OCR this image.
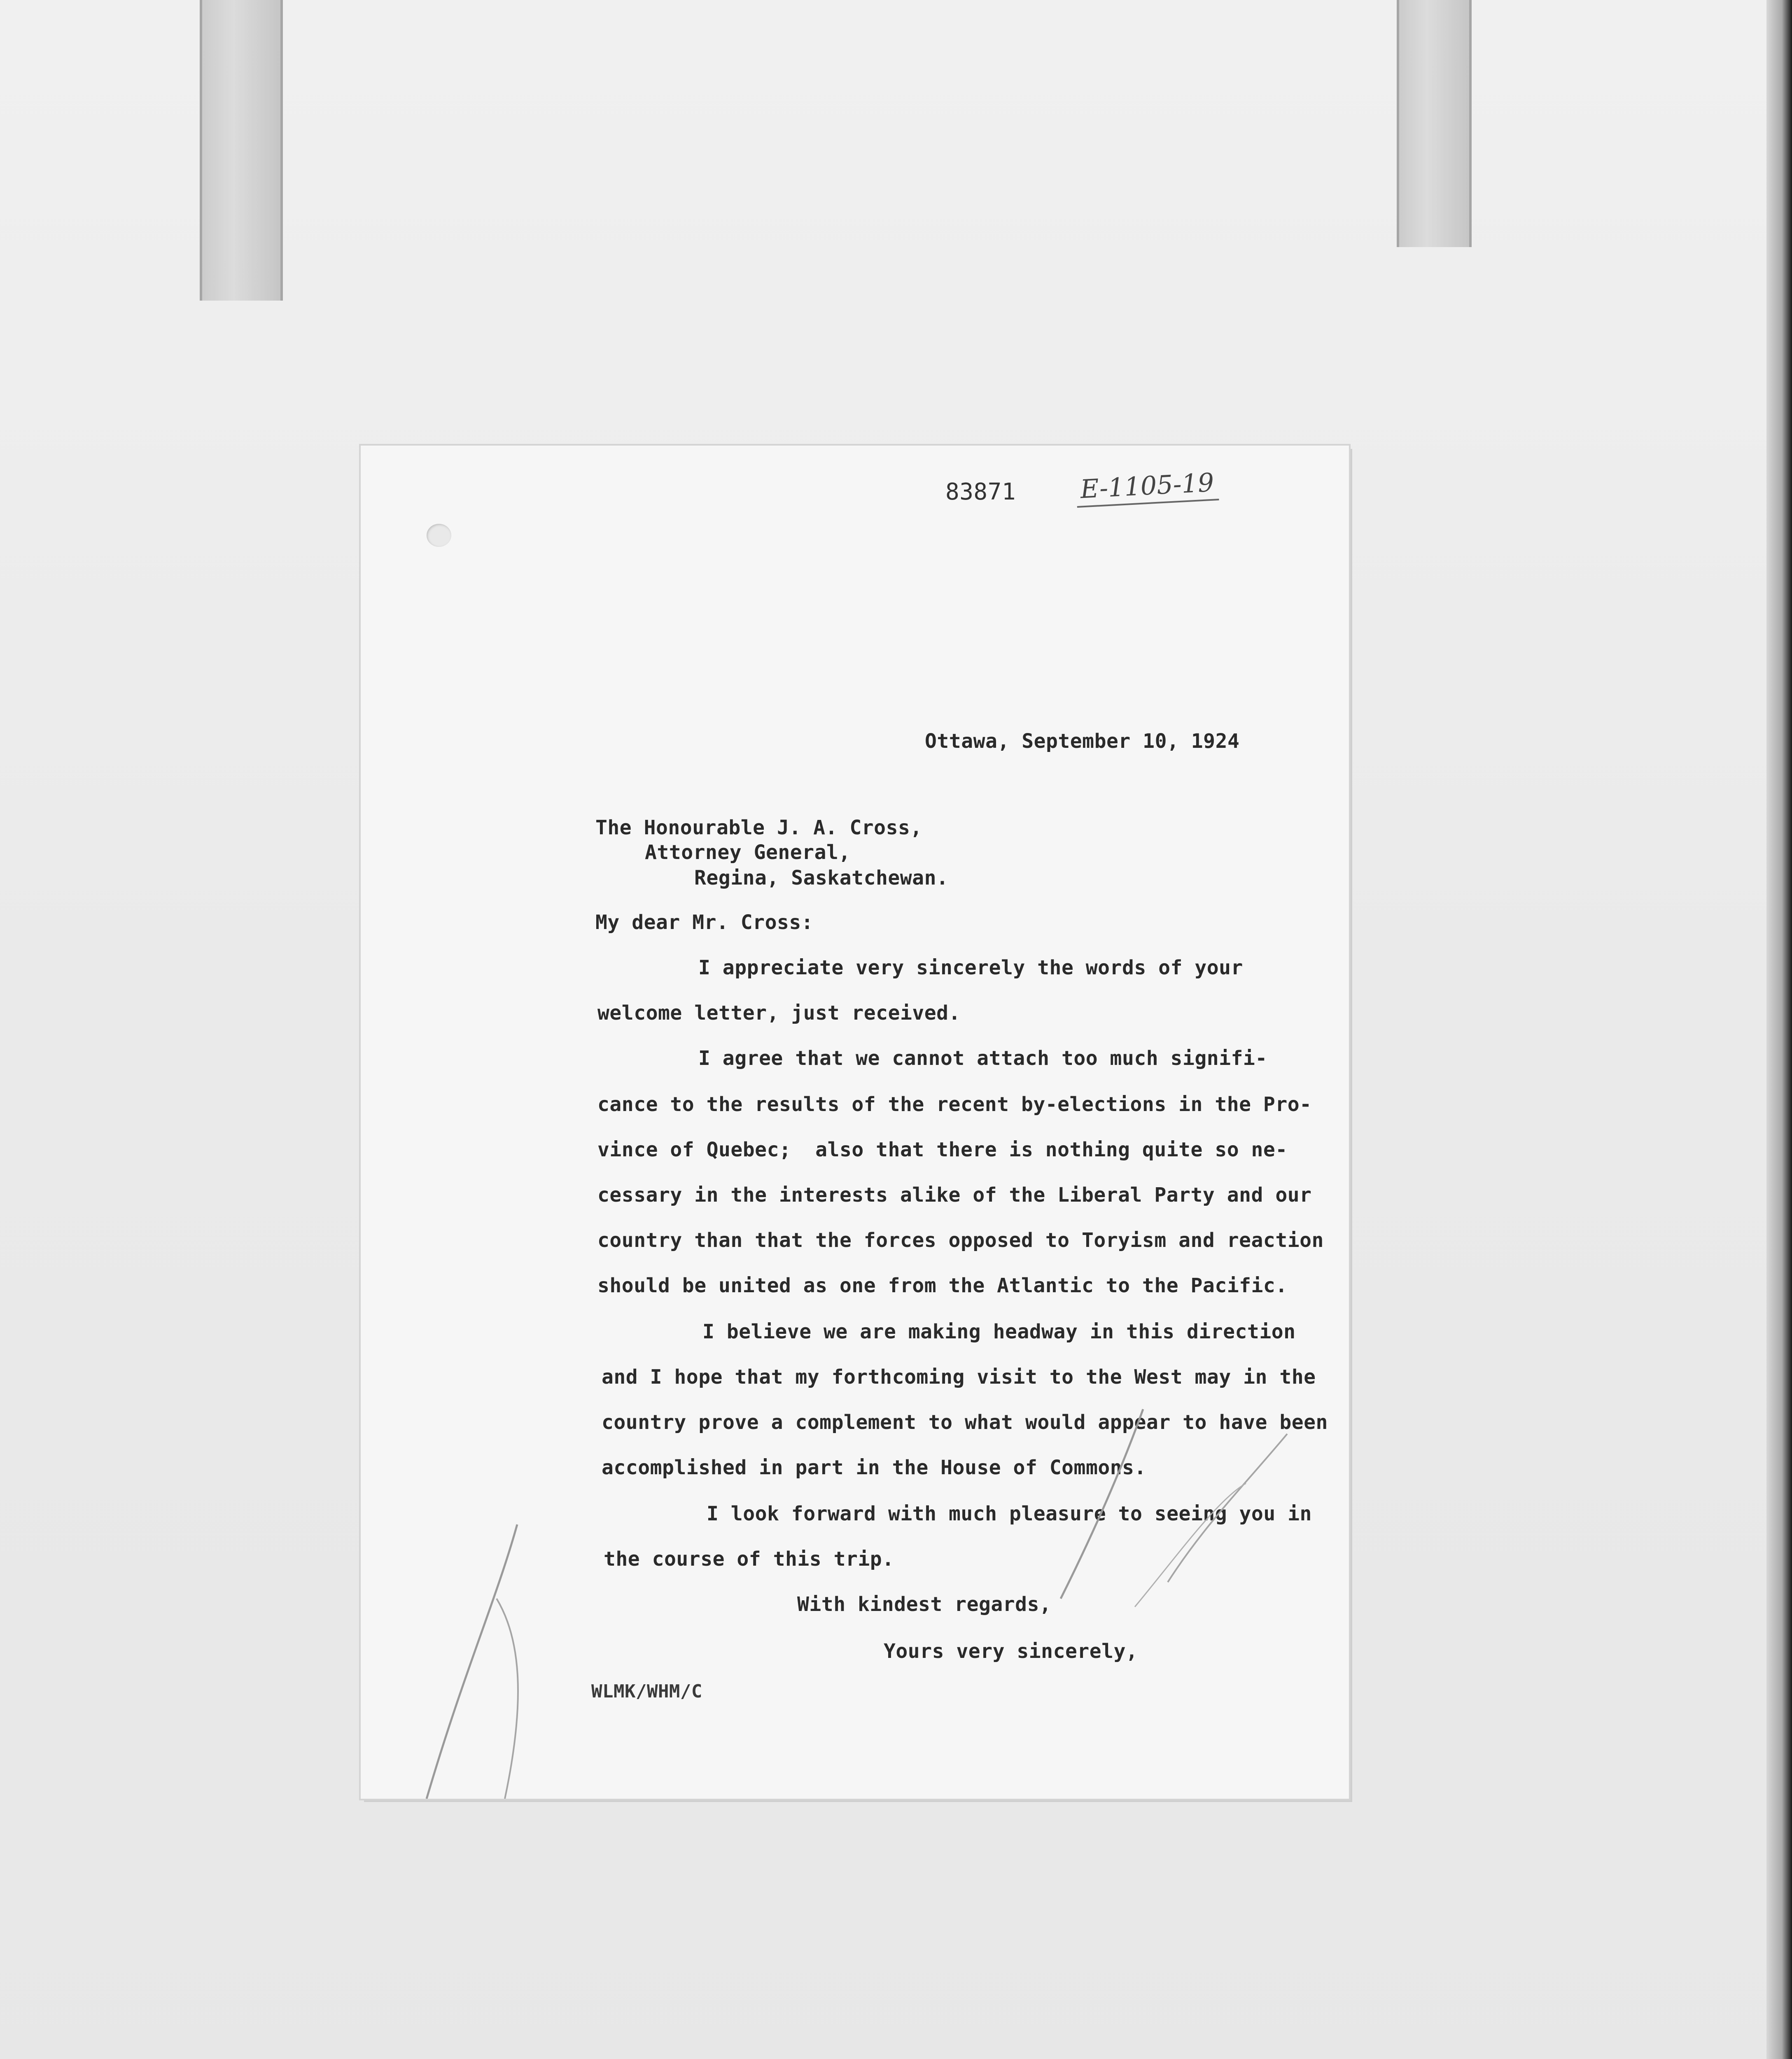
83871 E-1105-19
Ottawa, September 10, 1924
The Honourable J. A. Cross,
Attorney General,
Regina, Saskatchewan.
My dear Mr. Cross:
I appreciate very sincerely the words of your
welcome letter, just received.
I agree that we cannot attach too much signifi-
cance to the results of the recent by-elections in the Pro-
vince of Quebec;  also that there is nothing quite so ne-
cessary in the interests alike of the Liberal Party and our
country than that the forces opposed to Toryism and reaction
should be united as one from the Atlantic to the Pacific.
I believe we are making headway in this direction
and I hope that my forthcoming visit to the West may in the
country prove a complement to what would appear to have been
accomplished in part in the House of Commons.
I look forward with much pleasure to seeing you in
the course of this trip.
With kindest regards,
Yours very sincerely,
WLMK/WHM/C
